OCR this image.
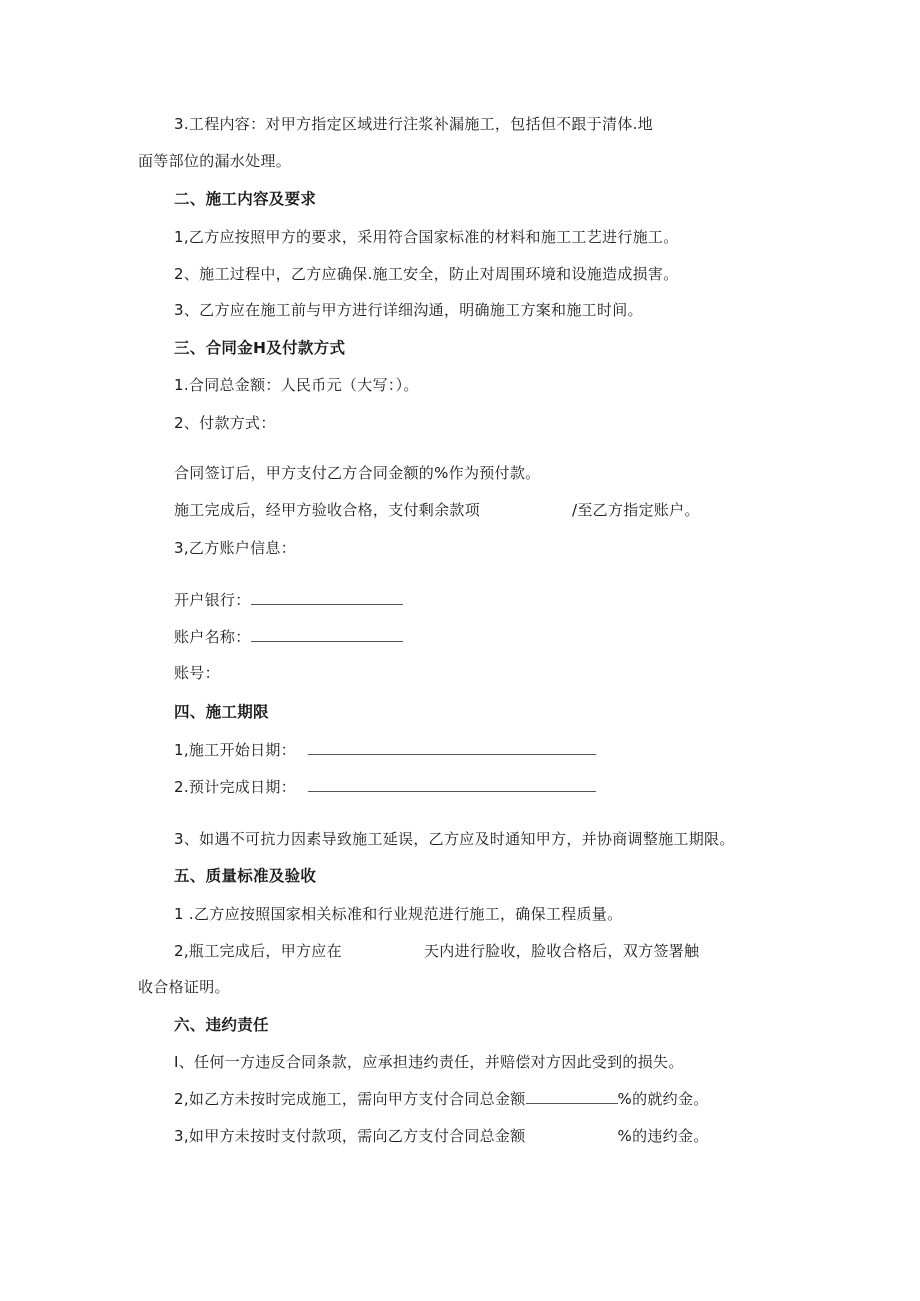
3.工程内容：对甲方指定区域进行注浆补漏施工，包括但不跟于清体.地
面等部位的漏水处理。
二、施工内容及要求
1,乙方应按照甲方的要求，采用符合国家标准的材料和施工工艺进行施工。
2、施工过程中，乙方应确保.施工安全，防止对周围环境和设施造成损害。
3、乙方应在施工前与甲方进行详细沟通，明确施工方案和施工时间。
三、合同金H及付款方式
1.合同总金额：人民币元（大写：）。
2、付款方式：
合同签订后，甲方支付乙方合同金额的%作为预付款。
施工完成后，经甲方验收合格，支付剩余款项	/至乙方指定账户。
3,乙方账户信息：
开户银行：
账户名称：
账号：
四、施工期限
1,施工开始日期：
2.预计完成日期：
3、如遇不可抗力因素导致施工延误，乙方应及时通知甲方，并协商调整施工期限。
五、质量标准及验收
1 .乙方应按照国家相关标准和行业规范进行施工，确保工程质量。
2,瓶工完成后，甲方应在	天内进行脸收，脸收合格后，双方签署触
收合格证明。
六、违约责任
I、任何一方违反合同条款，应承担违约责任，并赔偿对方因此受到的损失。
2,如乙方未按时完成施工，需向甲方支付合同总金额	%的就约金。
3,如甲方未按时支付款项，需向乙方支付合同总金额	%的违约金。
